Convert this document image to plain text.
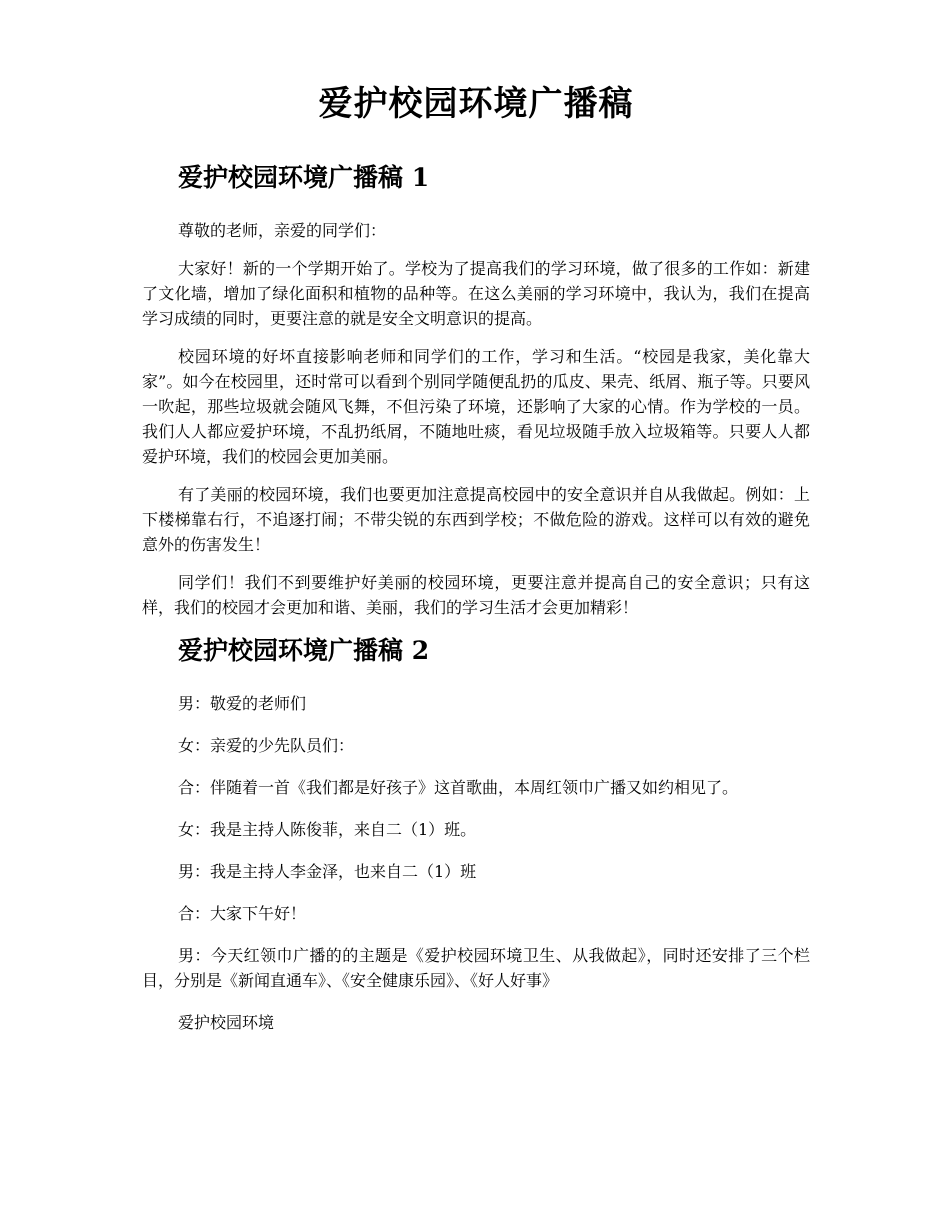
爱护校园环境广播稿
爱护校园环境广播稿 1

尊敬的老师，亲爱的同学们：

大家好！新的一个学期开始了。学校为了提高我们的学习环境，做了很多的工作如：新建了文化墙，增加了绿化面积和植物的品种等。在这么美丽的学习环境中，我认为，我们在提高学习成绩的同时，更要注意的就是安全文明意识的提高。

校园环境的好坏直接影响老师和同学们的工作，学习和生活。“校园是我家，美化靠大家”。如今在校园里，还时常可以看到个别同学随便乱扔的瓜皮、果壳、纸屑、瓶子等。只要风一吹起，那些垃圾就会随风飞舞，不但污染了环境，还影响了大家的心情。作为学校的一员。我们人人都应爱护环境，不乱扔纸屑，不随地吐痰，看见垃圾随手放入垃圾箱等。只要人人都爱护环境，我们的校园会更加美丽。

有了美丽的校园环境，我们也要更加注意提高校园中的安全意识并自从我做起。例如：上下楼梯靠右行，不追逐打闹；不带尖锐的东西到学校；不做危险的游戏。这样可以有效的避免意外的伤害发生！

同学们！我们不到要维护好美丽的校园环境，更要注意并提高自己的安全意识；只有这样，我们的校园才会更加和谐、美丽，我们的学习生活才会更加精彩！

爱护校园环境广播稿 2

男：敬爱的老师们

女：亲爱的少先队员们：

合：伴随着一首《我们都是好孩子》这首歌曲，本周红领巾广播又如约相见了。

女：我是主持人陈俊菲，来自二（1）班。

男：我是主持人李金泽，也来自二（1）班

合：大家下午好！

男：今天红领巾广播的的主题是《爱护校园环境卫生、从我做起》，同时还安排了三个栏目，分别是《新闻直通车》、《安全健康乐园》、《好人好事》

爱护校园环境
